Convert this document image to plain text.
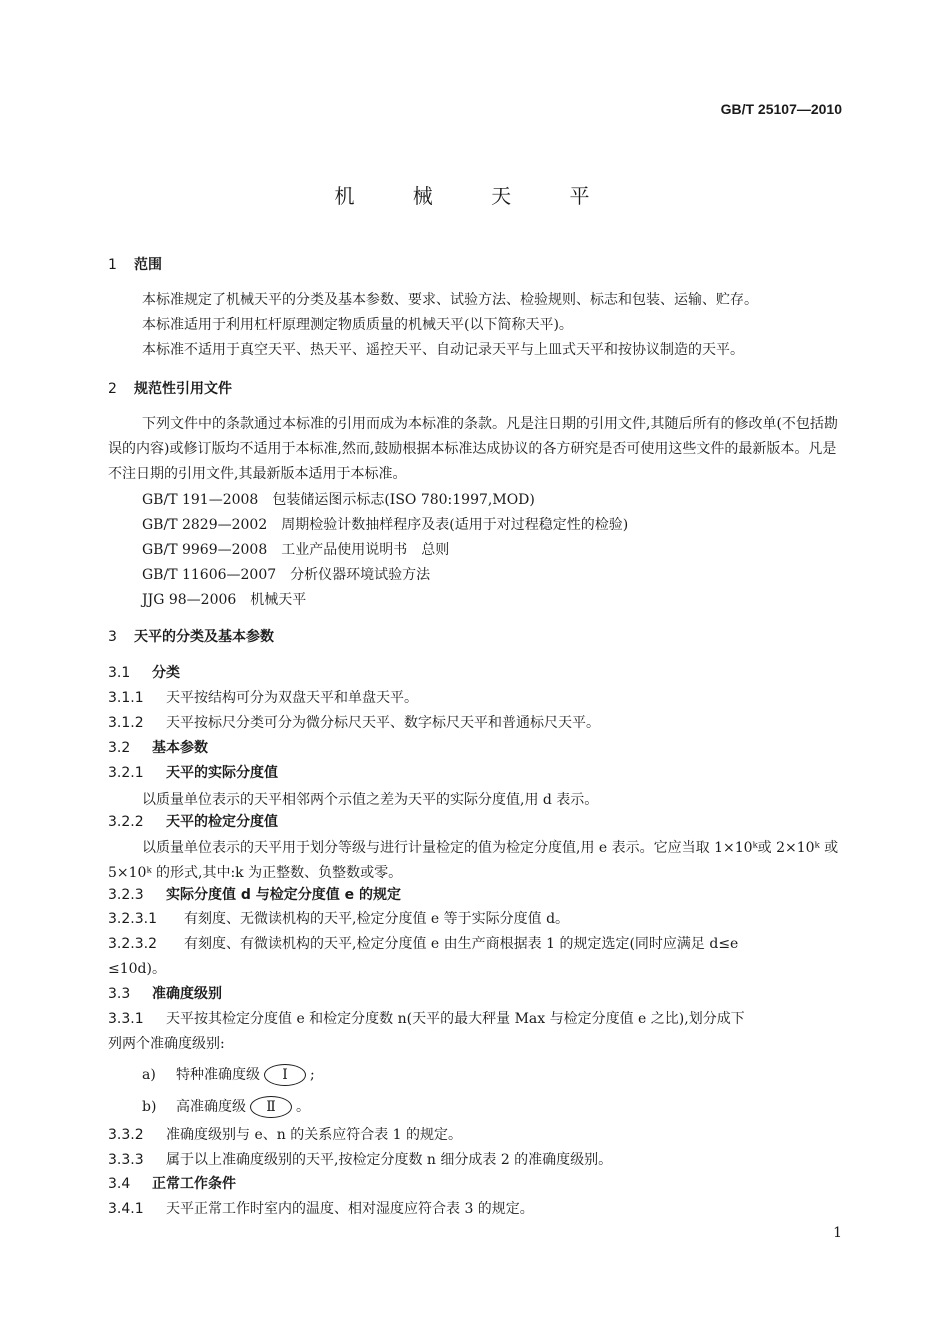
GB/T 25107—2010
机 械 天 平
1 范围
本标准规定了机械天平的分类及基本参数、要求、试验方法、检验规则、标志和包装、运输、贮存。
本标准适用于利用杠杆原理测定物质质量的机械天平(以下简称天平)。
本标准不适用于真空天平、热天平、遥控天平、自动记录天平与上皿式天平和按协议制造的天平。
2 规范性引用文件
下列文件中的条款通过本标准的引用而成为本标准的条款。凡是注日期的引用文件,其随后所有的修改单(不包括勘误的内容)或修订版均不适用于本标准,然而,鼓励根据本标准达成协议的各方研究是否可使用这些文件的最新版本。凡是不注日期的引用文件,其最新版本适用于本标准。
GB/T 191—2008　包装储运图示标志(ISO 780:1997,MOD)
GB/T 2829—2002　周期检验计数抽样程序及表(适用于对过程稳定性的检验)
GB/T 9969—2008　工业产品使用说明书　总则
GB/T 11606—2007　分析仪器环境试验方法
JJG 98—2006　机械天平
3 天平的分类及基本参数
3.1 分类
3.1.1 天平按结构可分为双盘天平和单盘天平。
3.1.2 天平按标尺分类可分为微分标尺天平、数字标尺天平和普通标尺天平。
3.2 基本参数
3.2.1 天平的实际分度值
以质量单位表示的天平相邻两个示值之差为天平的实际分度值,用 d 表示。
3.2.2 天平的检定分度值
以质量单位表示的天平用于划分等级与进行计量检定的值为检定分度值,用 e 表示。它应当取 1×10ᵏ或 2×10ᵏ 或 5×10ᵏ 的形式,其中:k 为正整数、负整数或零。
3.2.3 实际分度值 d 与检定分度值 e 的规定
3.2.3.1 有刻度、无微读机构的天平,检定分度值 e 等于实际分度值 d。
3.2.3.2 有刻度、有微读机构的天平,检定分度值 e 由生产商根据表 1 的规定选定(同时应满足 d≤e
≤10d)。
3.3 准确度级别
3.3.1 天平按其检定分度值 e 和检定分度数 n(天平的最大秤量 Max 与检定分度值 e 之比),划分成下
列两个准确度级别:
a) 特种准确度级 Ⅰ ;
b) 高准确度级 Ⅱ 。
3.3.2 准确度级别与 e、n 的关系应符合表 1 的规定。
3.3.3 属于以上准确度级别的天平,按检定分度数 n 细分成表 2 的准确度级别。
3.4 正常工作条件
3.4.1 天平正常工作时室内的温度、相对湿度应符合表 3 的规定。
1
